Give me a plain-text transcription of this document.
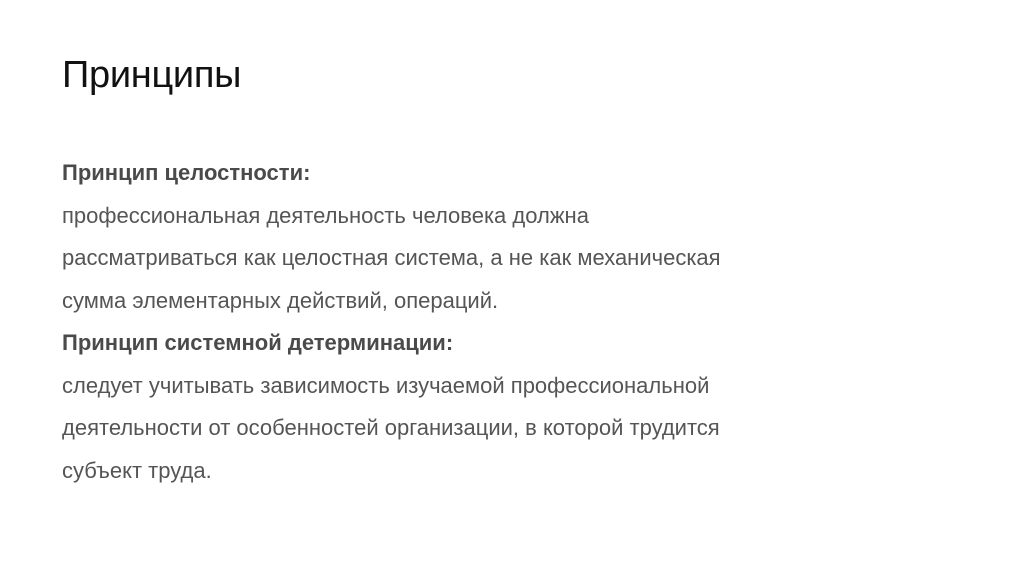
Принципы
Принцип целостности:
профессиональная деятельность человека должна
рассматриваться как целостная система, а не как механическая
сумма элементарных действий, операций.
Принцип системной детерминации:
следует учитывать зависимость изучаемой профессиональной
деятельности от особенностей организации, в которой трудится
субъект труда.
